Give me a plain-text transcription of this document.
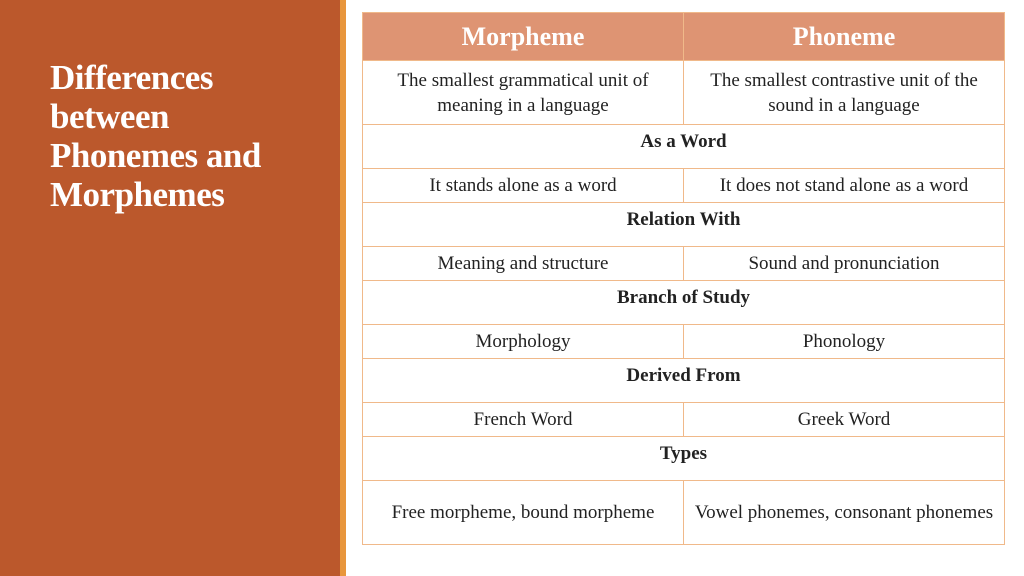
Differences
between
Phonemes and
Morphemes
Morpheme	Phoneme
The smallest grammatical unit of meaning in a language	The smallest contrastive unit of the sound in a language
As a Word	
It stands alone as a word	It does not stand alone as a word
Relation With	
Meaning and structure	Sound and pronunciation
Branch of Study	
Morphology	Phonology
Derived From	
French Word	Greek Word
Types	
Free morpheme, bound morpheme	Vowel phonemes, consonant phonemes
